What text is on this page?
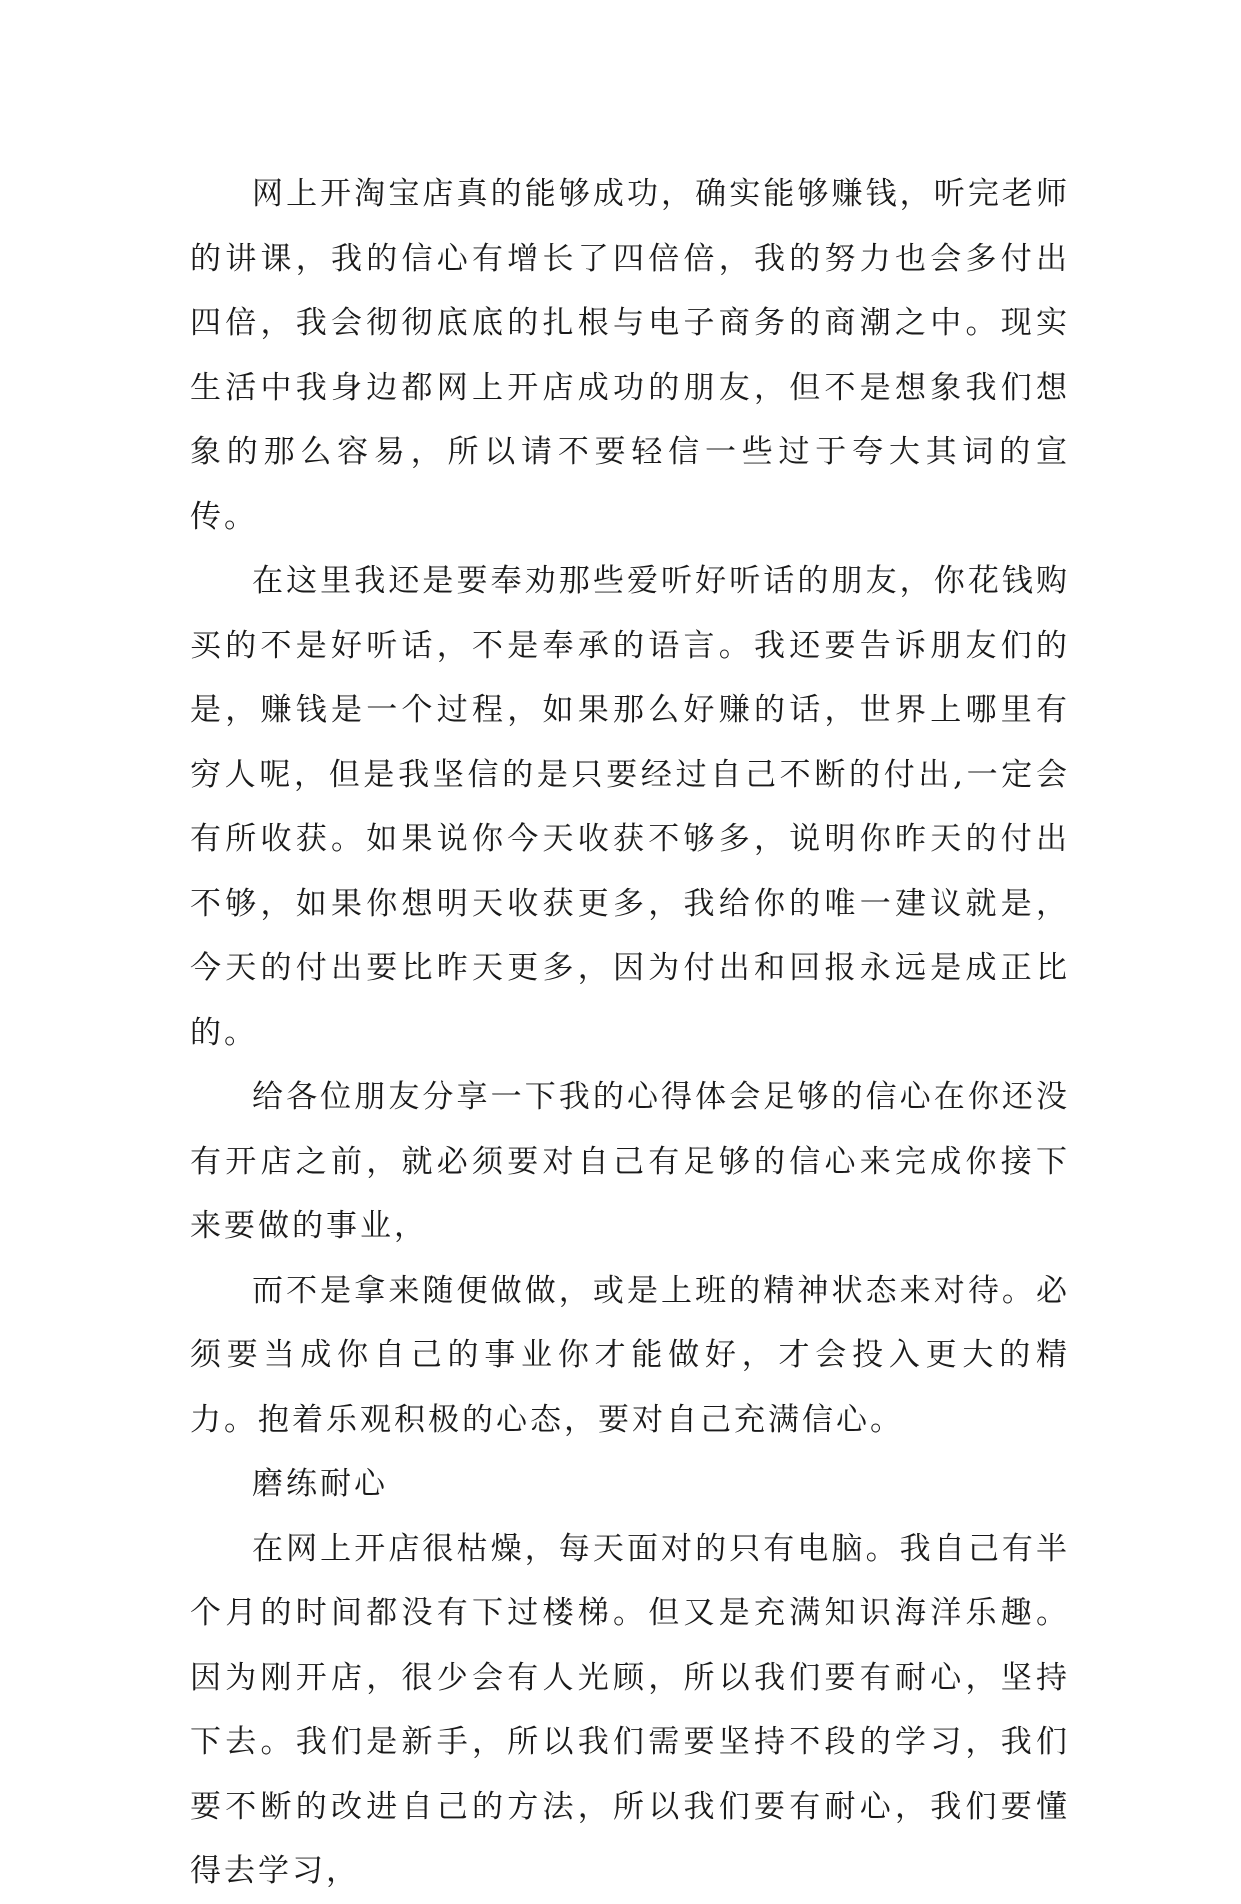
网上开淘宝店真的能够成功，确实能够赚钱，听完老师的讲课，我的信心有增长了四倍倍，我的努力也会多付出四倍，我会彻彻底底的扎根与电子商务的商潮之中。现实生活中我身边都网上开店成功的朋友，但不是想象我们想象的那么容易，所以请不要轻信一些过于夸大其词的宣传。

在这里我还是要奉劝那些爱听好听话的朋友，你花钱购买的不是好听话，不是奉承的语言。我还要告诉朋友们的是，赚钱是一个过程，如果那么好赚的话，世界上哪里有穷人呢，但是我坚信的是只要经过自己不断的付出,一定会有所收获。如果说你今天收获不够多，说明你昨天的付出不够，如果你想明天收获更多，我给你的唯一建议就是，今天的付出要比昨天更多，因为付出和回报永远是成正比的。

给各位朋友分享一下我的心得体会足够的信心在你还没有开店之前，就必须要对自己有足够的信心来完成你接下来要做的事业，

而不是拿来随便做做，或是上班的精神状态来对待。必须要当成你自己的事业你才能做好，才会投入更大的精力。抱着乐观积极的心态，要对自己充满信心。

磨练耐心

在网上开店很枯燥，每天面对的只有电脑。我自己有半个月的时间都没有下过楼梯。但又是充满知识海洋乐趣。因为刚开店，很少会有人光顾，所以我们要有耐心，坚持下去。我们是新手，所以我们需要坚持不段的学习，我们要不断的改进自己的方法，所以我们要有耐心，我们要懂得去学习，
